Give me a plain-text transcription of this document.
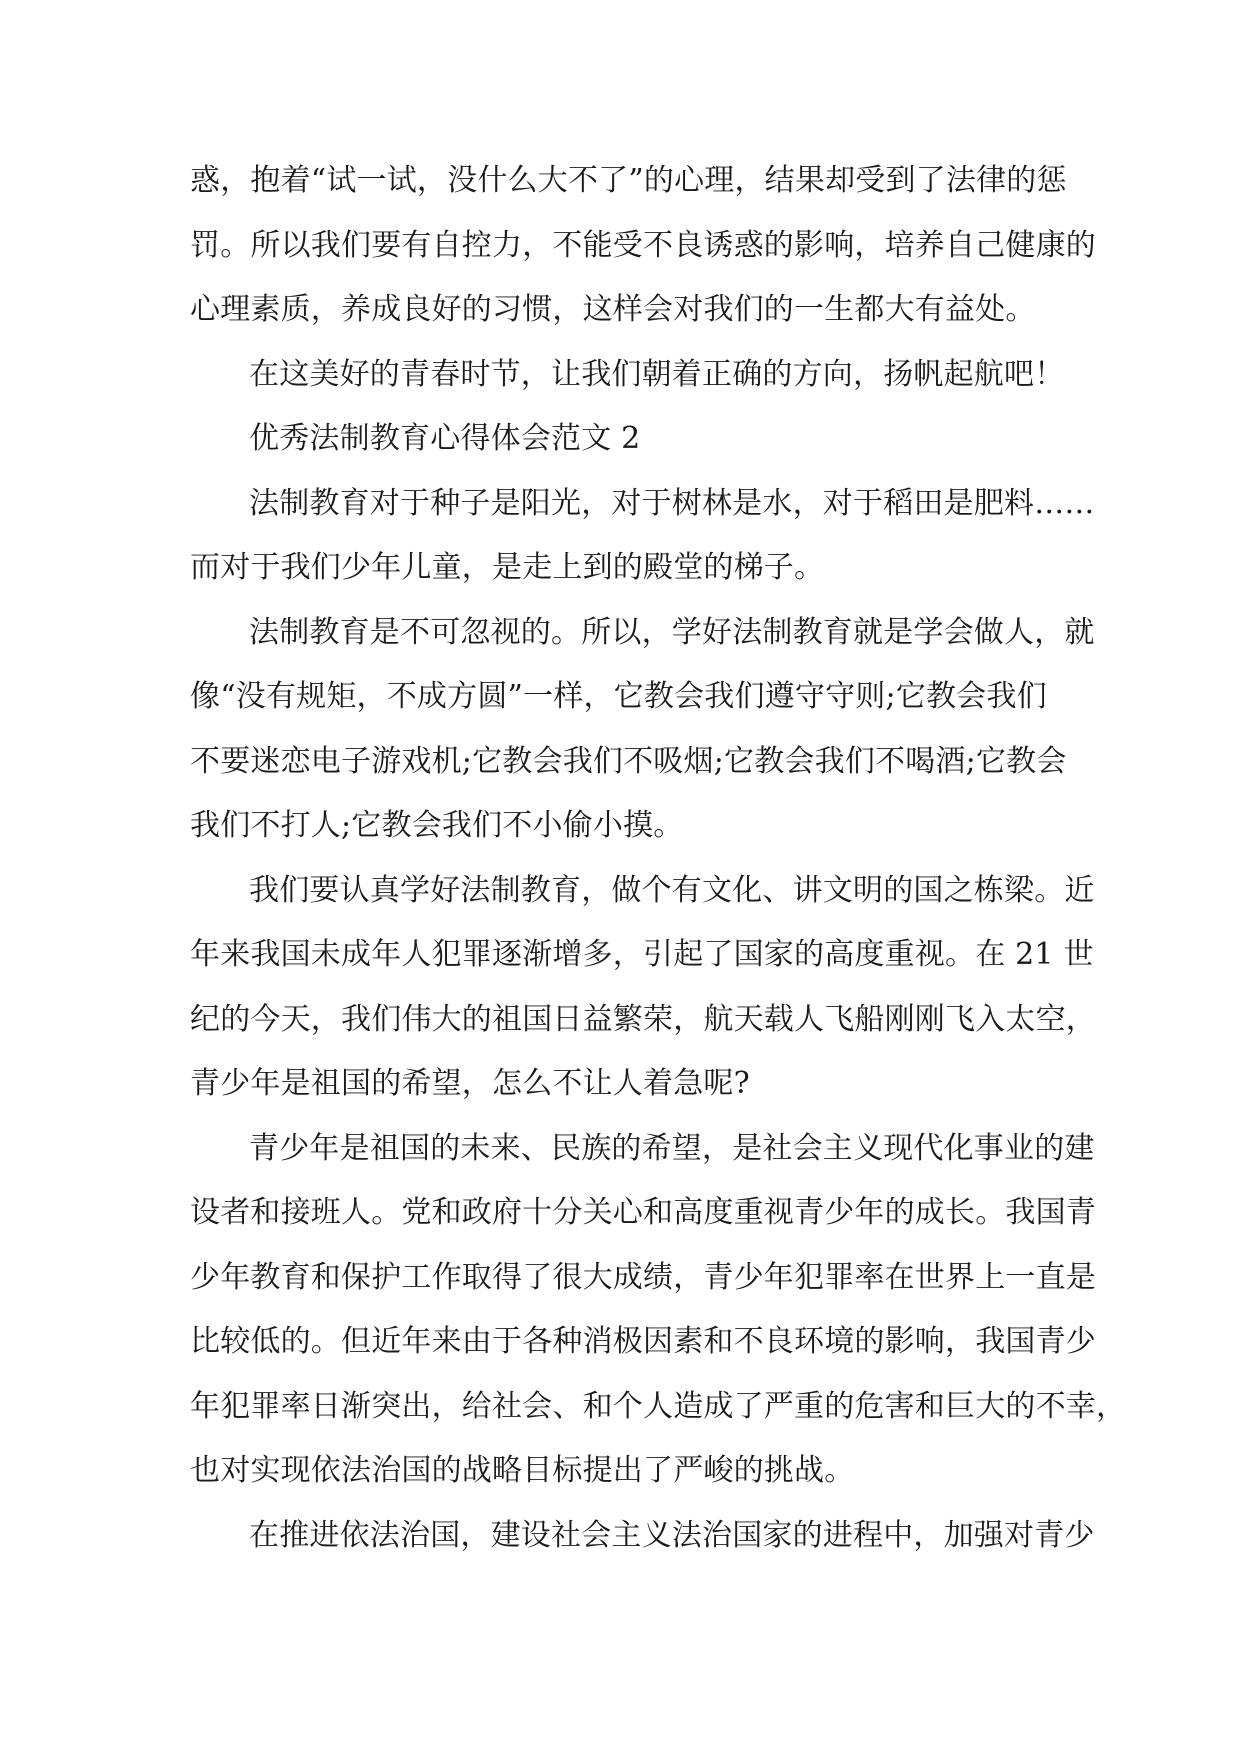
惑，抱着“试一试，没什么大不了”的心理，结果却受到了法律的惩
罚。所以我们要有自控力，不能受不良诱惑的影响，培养自己健康的
心理素质，养成良好的习惯，这样会对我们的一生都大有益处。
在这美好的青春时节，让我们朝着正确的方向，扬帆起航吧！
优秀法制教育心得体会范文 2
法制教育对于种子是阳光，对于树林是水，对于稻田是肥料……
而对于我们少年儿童，是走上到的殿堂的梯子。
法制教育是不可忽视的。所以，学好法制教育就是学会做人，就
像“没有规矩，不成方圆”一样，它教会我们遵守守则;它教会我们
不要迷恋电子游戏机;它教会我们不吸烟;它教会我们不喝酒;它教会
我们不打人;它教会我们不小偷小摸。
我们要认真学好法制教育，做个有文化、讲文明的国之栋梁。近
年来我国未成年人犯罪逐渐增多，引起了国家的高度重视。在 21 世
纪的今天，我们伟大的祖国日益繁荣，航天载人飞船刚刚飞入太空，
青少年是祖国的希望，怎么不让人着急呢?
青少年是祖国的未来、民族的希望，是社会主义现代化事业的建
设者和接班人。党和政府十分关心和高度重视青少年的成长。我国青
少年教育和保护工作取得了很大成绩，青少年犯罪率在世界上一直是
比较低的。但近年来由于各种消极因素和不良环境的影响，我国青少
年犯罪率日渐突出，给社会、和个人造成了严重的危害和巨大的不幸，
也对实现依法治国的战略目标提出了严峻的挑战。
在推进依法治国，建设社会主义法治国家的进程中，加强对青少
